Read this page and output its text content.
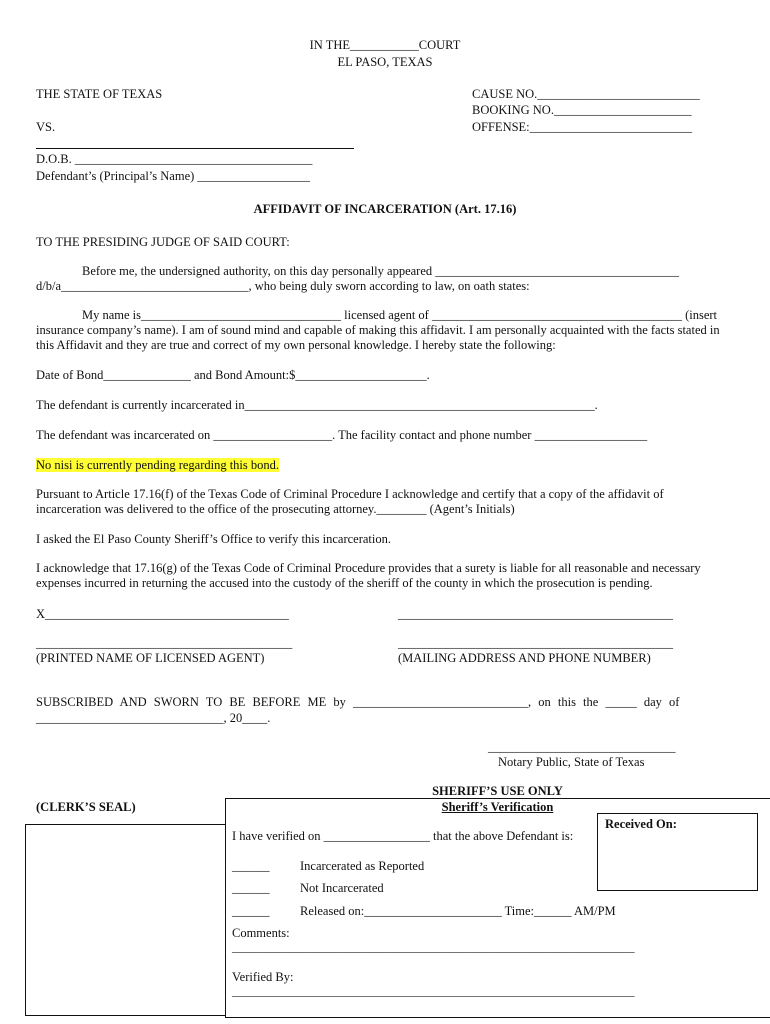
IN THE___________COURT
EL PASO, TEXAS
THE STATE OF TEXAS
VS.
CAUSE NO.__________________________
BOOKING NO.______________________
OFFENSE:__________________________
D.O.B. ______________________________________
Defendant’s (Principal’s Name) __________________
AFFIDAVIT OF INCARCERATION (Art. 17.16)
TO THE PRESIDING JUDGE OF SAID COURT:
Before me, the undersigned authority, on this day personally appeared _______________________________________
d/b/a______________________________, who being duly sworn according to law, on oath states:
My name is________________________________ licensed agent of ________________________________________ (insert
insurance company’s name). I am of sound mind and capable of making this affidavit. I am personally acquainted with the facts stated in
this Affidavit and they are true and correct of my own personal knowledge. I hereby state the following:
Date of Bond______________ and Bond Amount:$_____________________.
The defendant is currently incarcerated in________________________________________________________.
The defendant was incarcerated on ___________________. The facility contact and phone number __________________
No nisi is currently pending regarding this bond.
Pursuant to Article 17.16(f) of the Texas Code of Criminal Procedure I acknowledge and certify that a copy of the affidavit of
incarceration was delivered to the office of the prosecuting attorney.________ (Agent’s Initials)
I asked the El Paso County Sheriff’s Office to verify this incarceration.
I acknowledge that 17.16(g) of the Texas Code of Criminal Procedure provides that a surety is liable for all reasonable and necessary
expenses incurred in returning the accused into the custody of the sheriff of the county in which the prosecution is pending.
X_______________________________________	____________________________________________
_________________________________________	____________________________________________
(PRINTED NAME OF LICENSED AGENT)	(MAILING ADDRESS AND PHONE NUMBER)
SUBSCRIBED AND SWORN TO BE BEFORE ME by ____________________________, on this the _____ day of
______________________________, 20____.
______________________________
Notary Public, State of Texas
(CLERK’S SEAL)
SHERIFF’S USE ONLY
Sheriff’s Verification
Received On:
I have verified on _________________ that the above Defendant is:
______ Incarcerated as Reported
______ Not Incarcerated
______ Released on:______________________ Time:______ AM/PM
Comments:
______________________________________________________________________
Verified By:
______________________________________________________________________
